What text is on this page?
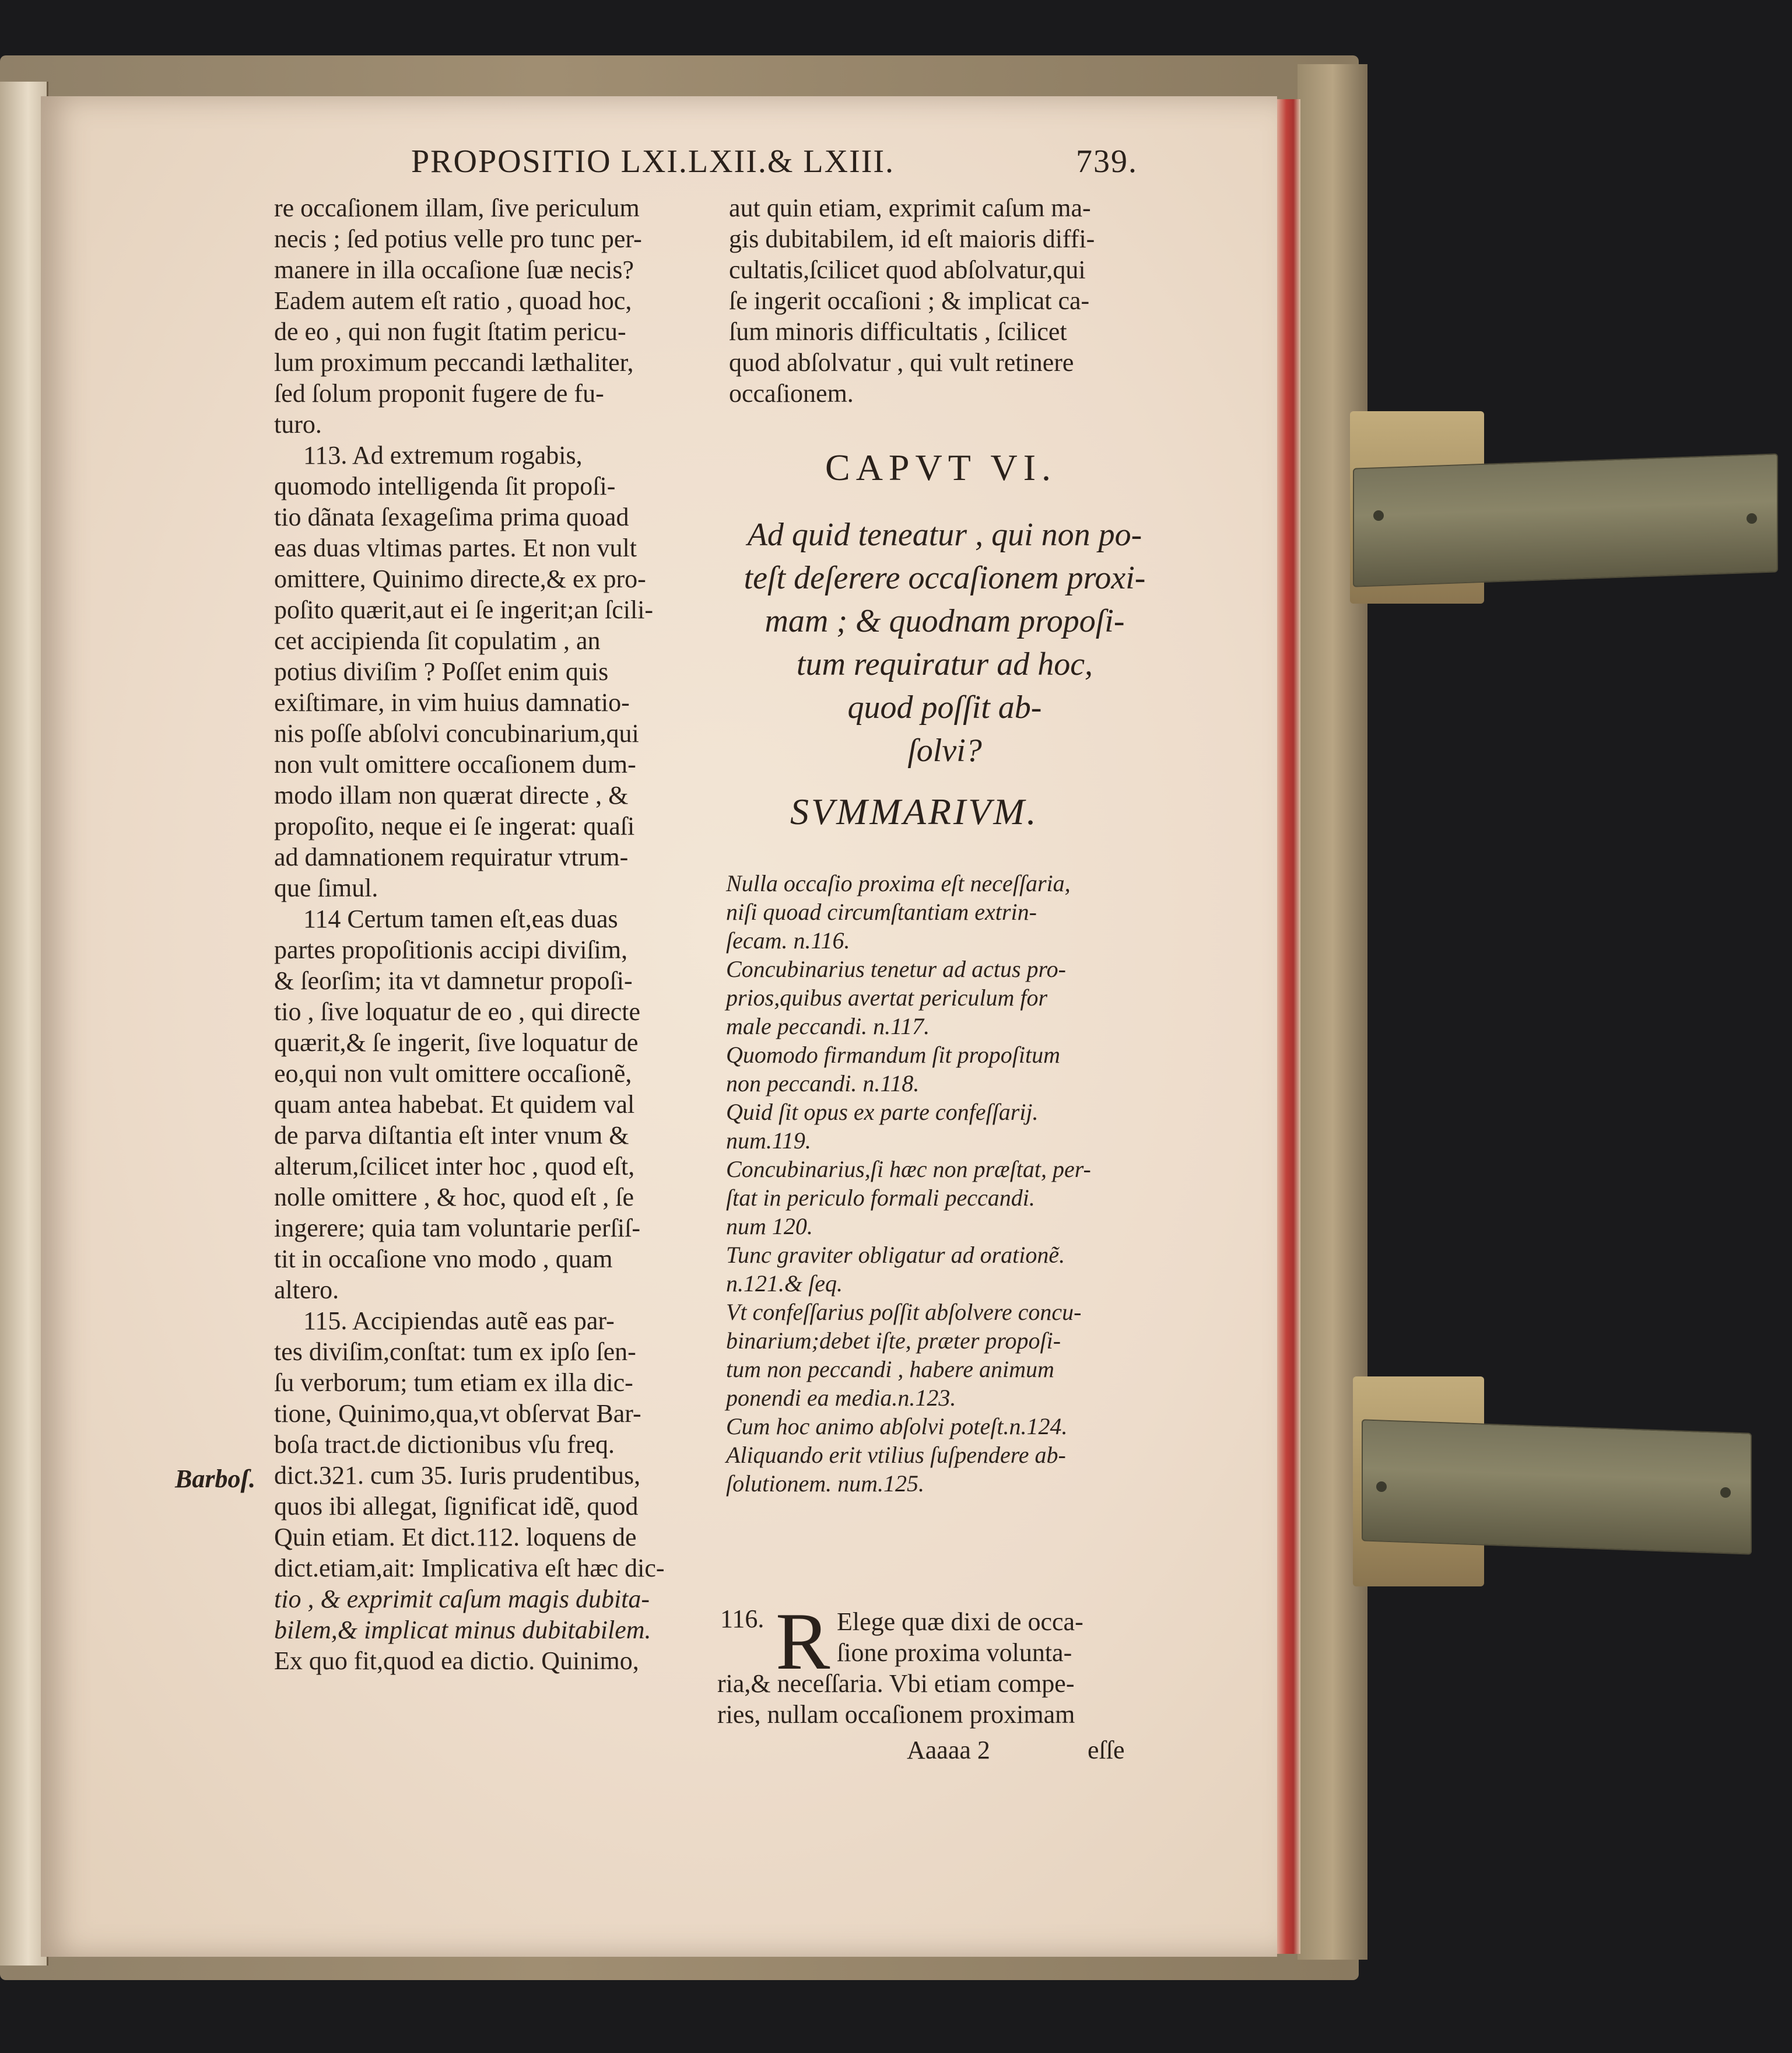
PROPOSITIO LXI.LXII.& LXIII.	739.
Barboſ.
re occaſionem illam, ſive periculum
necis ; ſed potius velle pro tunc per-
manere in illa occaſione ſuæ necis?
Eadem autem eſt ratio , quoad hoc,
de eo , qui non fugit ſtatim pericu-
lum proximum peccandi læthaliter,
ſed ſolum proponit fugere de fu-
turo.
113. Ad extremum rogabis,
quomodo intelligenda ſit propoſi-
tio dãnata ſexageſima prima quoad
eas duas vltimas partes. Et non vult
omittere, Quinimo directe,& ex pro-
poſito quærit,aut ei ſe ingerit;an ſcili-
cet accipienda ſit copulatim , an
potius diviſim ? Poſſet enim quis
exiſtimare, in vim huius damnatio-
nis poſſe abſolvi concubinarium,qui
non vult omittere occaſionem dum-
modo illam non quærat directe , &
propoſito, neque ei ſe ingerat: quaſi
ad damnationem requiratur vtrum-
que ſimul.
114 Certum tamen eſt,eas duas
partes propoſitionis accipi diviſim,
& ſeorſim; ita vt damnetur propoſi-
tio , ſive loquatur de eo , qui directe
quærit,& ſe ingerit, ſive loquatur de
eo,qui non vult omittere occaſionẽ,
quam antea habebat. Et quidem val
de parva diſtantia eſt inter vnum &
alterum,ſcilicet inter hoc , quod eſt,
nolle omittere , & hoc, quod eſt , ſe
ingerere; quia tam voluntarie perſiſ-
tit in occaſione vno modo , quam
altero.
115. Accipiendas autẽ eas par-
tes diviſim,conſtat: tum ex ipſo ſen-
ſu verborum; tum etiam ex illa dic-
tione, Quinimo,qua,vt obſervat Bar-
boſa tract.de dictionibus vſu freq.
dict.321. cum 35. Iuris prudentibus,
quos ibi allegat, ſignificat idẽ, quod
Quin etiam. Et dict.112. loquens de
dict.etiam,ait: Implicativa eſt hæc dic-
tio , & exprimit caſum magis dubita-
bilem,& implicat minus dubitabilem.
Ex quo fit,quod ea dictio. Quinimo,
aut quin etiam, exprimit caſum ma-
gis dubitabilem, id eſt maioris diffi-
cultatis,ſcilicet quod abſolvatur,qui
ſe ingerit occaſioni ; & implicat ca-
ſum minoris difficultatis , ſcilicet
quod abſolvatur , qui vult retinere
occaſionem.
CAPVT VI.
Ad quid teneatur , qui non po-
teſt deſerere occaſionem proxi-
mam ; & quodnam propoſi-
tum requiratur ad hoc,
quod poſſit ab-
ſolvi?
SVMMARIVM.
Nulla occaſio proxima eſt neceſſaria,
niſi quoad circumſtantiam extrin-
ſecam. n.116.
Concubinarius tenetur ad actus pro-
prios,quibus avertat periculum for
male peccandi. n.117.
Quomodo firmandum ſit propoſitum
non peccandi. n.118.
Quid ſit opus ex parte confeſſarij.
num.119.
Concubinarius,ſi hæc non præſtat, per-
ſtat in periculo formali peccandi.
num 120.
Tunc graviter obligatur ad orationẽ.
n.121.& ſeq.
Vt confeſſarius poſſit abſolvere concu-
binarium;debet iſte, præter propoſi-
tum non peccandi , habere animum
ponendi ea media.n.123.
Cum hoc animo abſolvi poteſt.n.124.
Aliquando erit vtilius ſuſpendere ab-
ſolutionem. num.125.
116. R Elege quæ dixi de occa-
ſione proxima volunta-
ria,& neceſſaria. Vbi etiam compe-
ries, nullam occaſionem proximam
Aaaaa 2	eſſe
